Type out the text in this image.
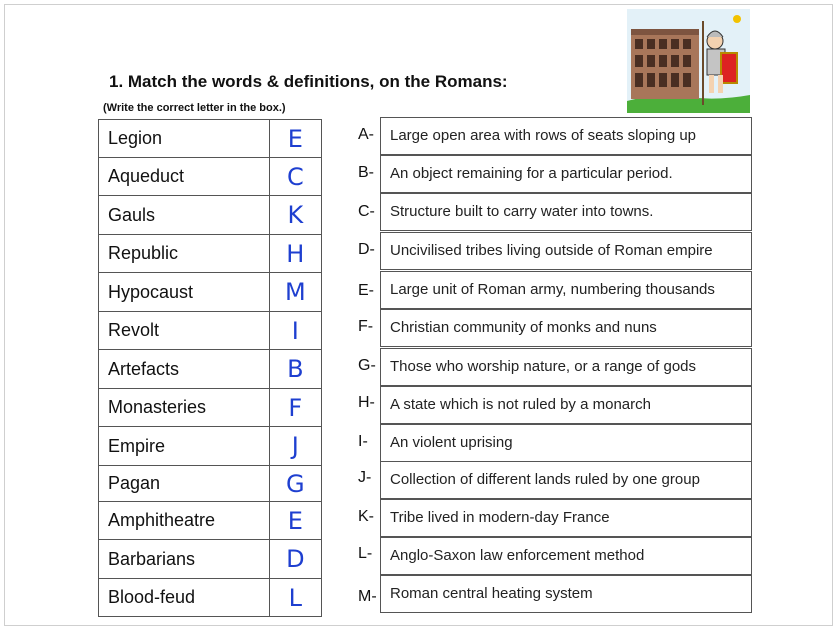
1. Match the words & definitions, on the Romans:
(Write the correct letter in the box.)
Legion	E
Aqueduct	C
Gauls	K
Republic	H
Hypocaust	M
Revolt	I
Artefacts	B
Monasteries	F
Empire	J
Pagan	G
Amphitheatre	E
Barbarians	D
Blood-feud	L
A-	Large open area with rows of seats sloping up
B-	An object remaining for a particular period.
C-	Structure built to carry water into towns.
D-	Uncivilised tribes living outside of Roman empire
E-	Large unit of Roman army, numbering thousands
F-	Christian community of monks and nuns
G- Those who worship nature, or a range of gods
H-	A state which is not ruled by a monarch
I-	An violent uprising
J-	Collection of different lands ruled by one group
K-	Tribe lived in modern-day France
L-	Anglo-Saxon law enforcement method
M- Roman central heating system
